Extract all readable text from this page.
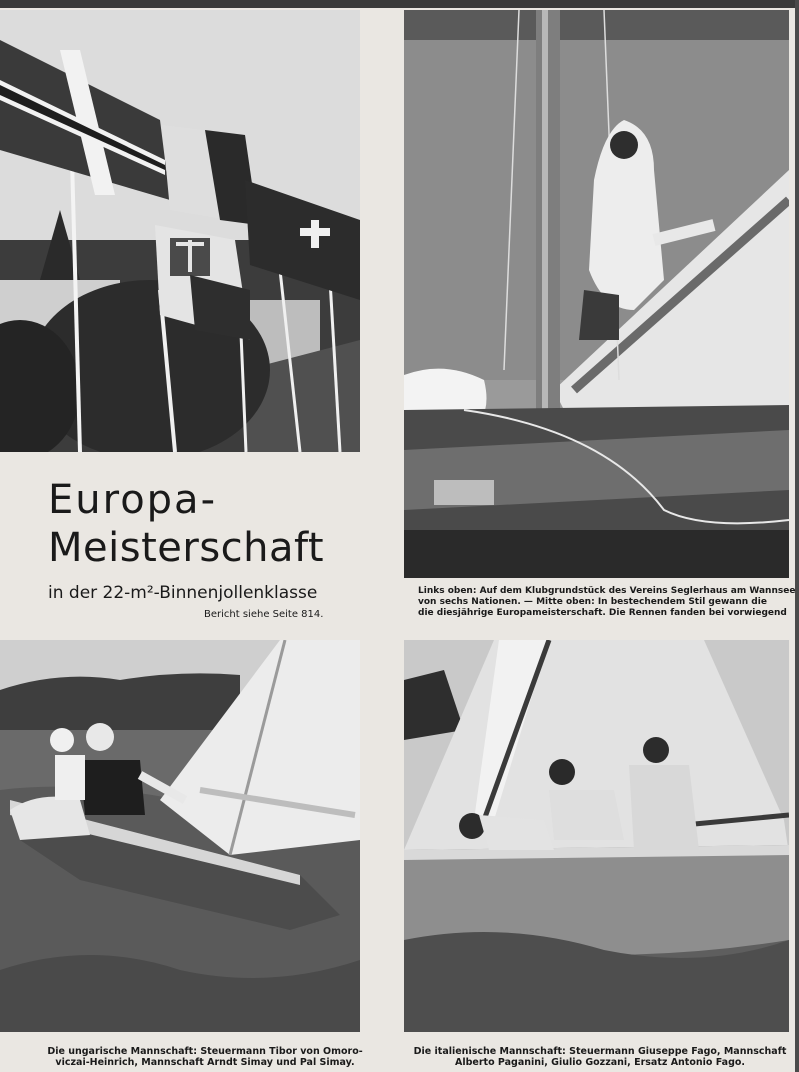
Europa-
Meisterschaft
in der 22-m²-Binnenjollenklasse
Bericht siehe Seite 814.
Links oben: Auf dem Klubgrundstück des Vereins Seglerhaus am Wannsee
von sechs Nationen. — Mitte oben: In bestechendem Stil gewann die
die diesjährige Europameisterschaft. Die Rennen fanden bei vorwiegend
Die ungarische Mannschaft: Steuermann Tibor von Omoro-
viczai-Heinrich, Mannschaft Arndt Simay und Pal Simay.
Die italienische Mannschaft: Steuermann Giuseppe Fago, Mannschaft
Alberto Paganini, Giulio Gozzani, Ersatz Antonio Fago.
